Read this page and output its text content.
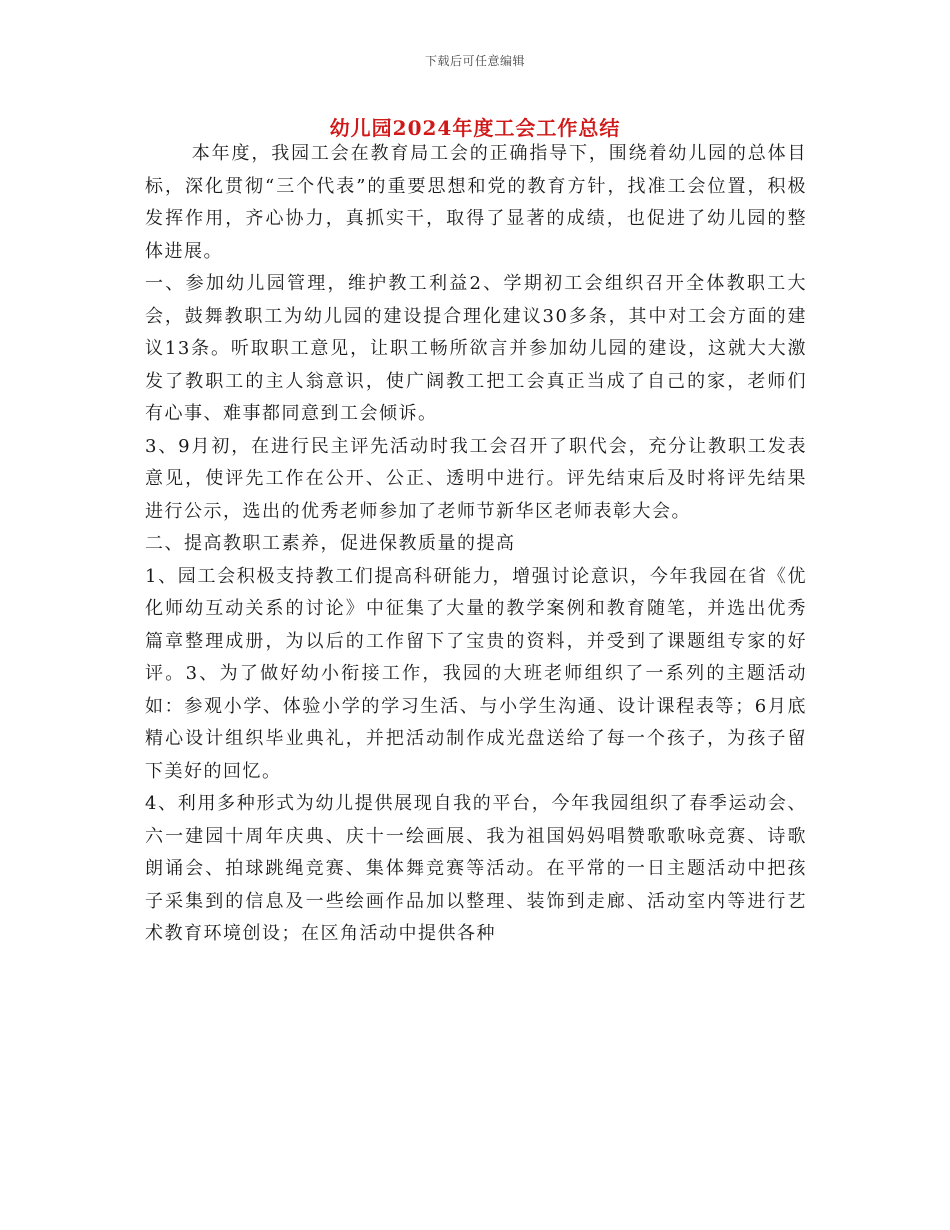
下载后可任意编辑
幼儿园2024年度工会工作总结

本年度，我园工会在教育局工会的正确指导下，围绕着幼儿园的总体目标，深化贯彻“三个代表”的重要思想和党的教育方针，找准工会位置，积极发挥作用，齐心协力，真抓实干，取得了显著的成绩，也促进了幼儿园的整体进展。

一、参加幼儿园管理，维护教工利益2、学期初工会组织召开全体教职工大会，鼓舞教职工为幼儿园的建设提合理化建议30多条，其中对工会方面的建议13条。听取职工意见，让职工畅所欲言并参加幼儿园的建设，这就大大激发了教职工的主人翁意识，使广阔教工把工会真正当成了自己的家，老师们有心事、难事都同意到工会倾诉。

3、9月初，在进行民主评先活动时我工会召开了职代会，充分让教职工发表意见，使评先工作在公开、公正、透明中进行。评先结束后及时将评先结果进行公示，选出的优秀老师参加了老师节新华区老师表彰大会。

二、提高教职工素养，促进保教质量的提高

1、园工会积极支持教工们提高科研能力，增强讨论意识，今年我园在省《优化师幼互动关系的讨论》中征集了大量的教学案例和教育随笔，并选出优秀篇章整理成册，为以后的工作留下了宝贵的资料，并受到了课题组专家的好评。3、为了做好幼小衔接工作，我园的大班老师组织了一系列的主题活动如：参观小学、体验小学的学习生活、与小学生沟通、设计课程表等；6月底精心设计组织毕业典礼，并把活动制作成光盘送给了每一个孩子，为孩子留下美好的回忆。

4、利用多种形式为幼儿提供展现自我的平台，今年我园组织了春季运动会、六一建园十周年庆典、庆十一绘画展、我为祖国妈妈唱赞歌歌咏竞赛、诗歌朗诵会、拍球跳绳竞赛、集体舞竞赛等活动。在平常的一日主题活动中把孩子采集到的信息及一些绘画作品加以整理、装饰到走廊、活动室内等进行艺术教育环境创设；在区角活动中提供各种
